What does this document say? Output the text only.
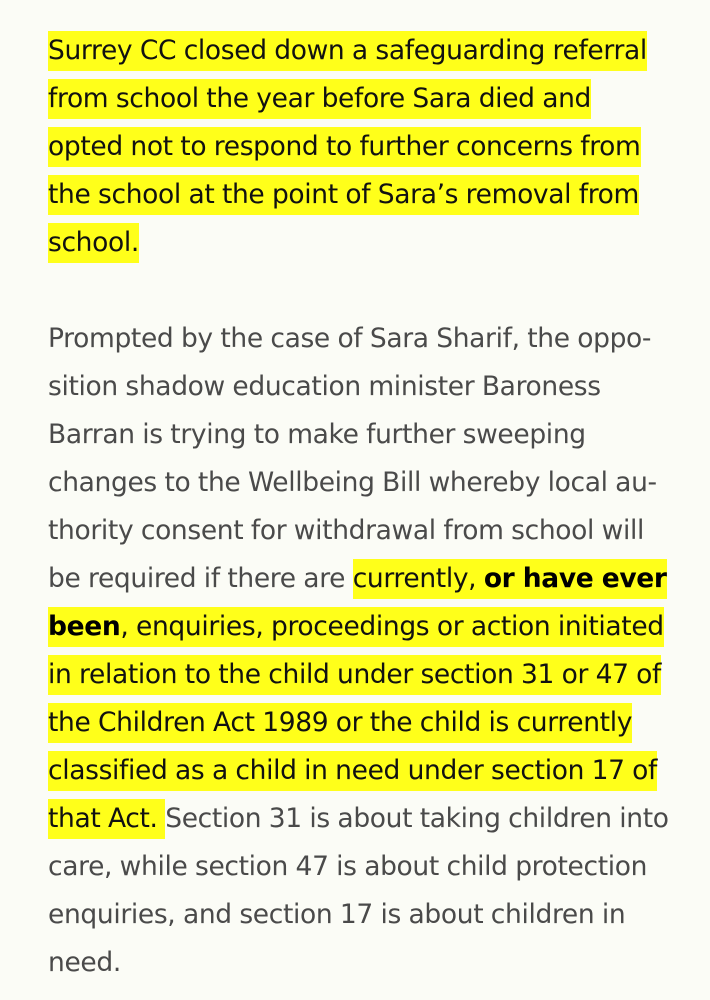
Surrey CC closed down a safeguarding referral from school the year before Sara died and opted not to respond to further concerns from the school at the point of Sara’s removal from school.

Prompted by the case of Sara Sharif, the opposition shadow education minister Baroness Barran is trying to make further sweeping changes to the Wellbeing Bill whereby local authority consent for withdrawal from school will be required if there are currently, or have ever been, enquiries, proceedings or action initiated in relation to the child under section 31 or 47 of the Children Act 1989 or the child is currently classified as a child in need under section 17 of that Act. Section 31 is about taking children into care, while section 47 is about child protection enquiries, and section 17 is about children in need.
